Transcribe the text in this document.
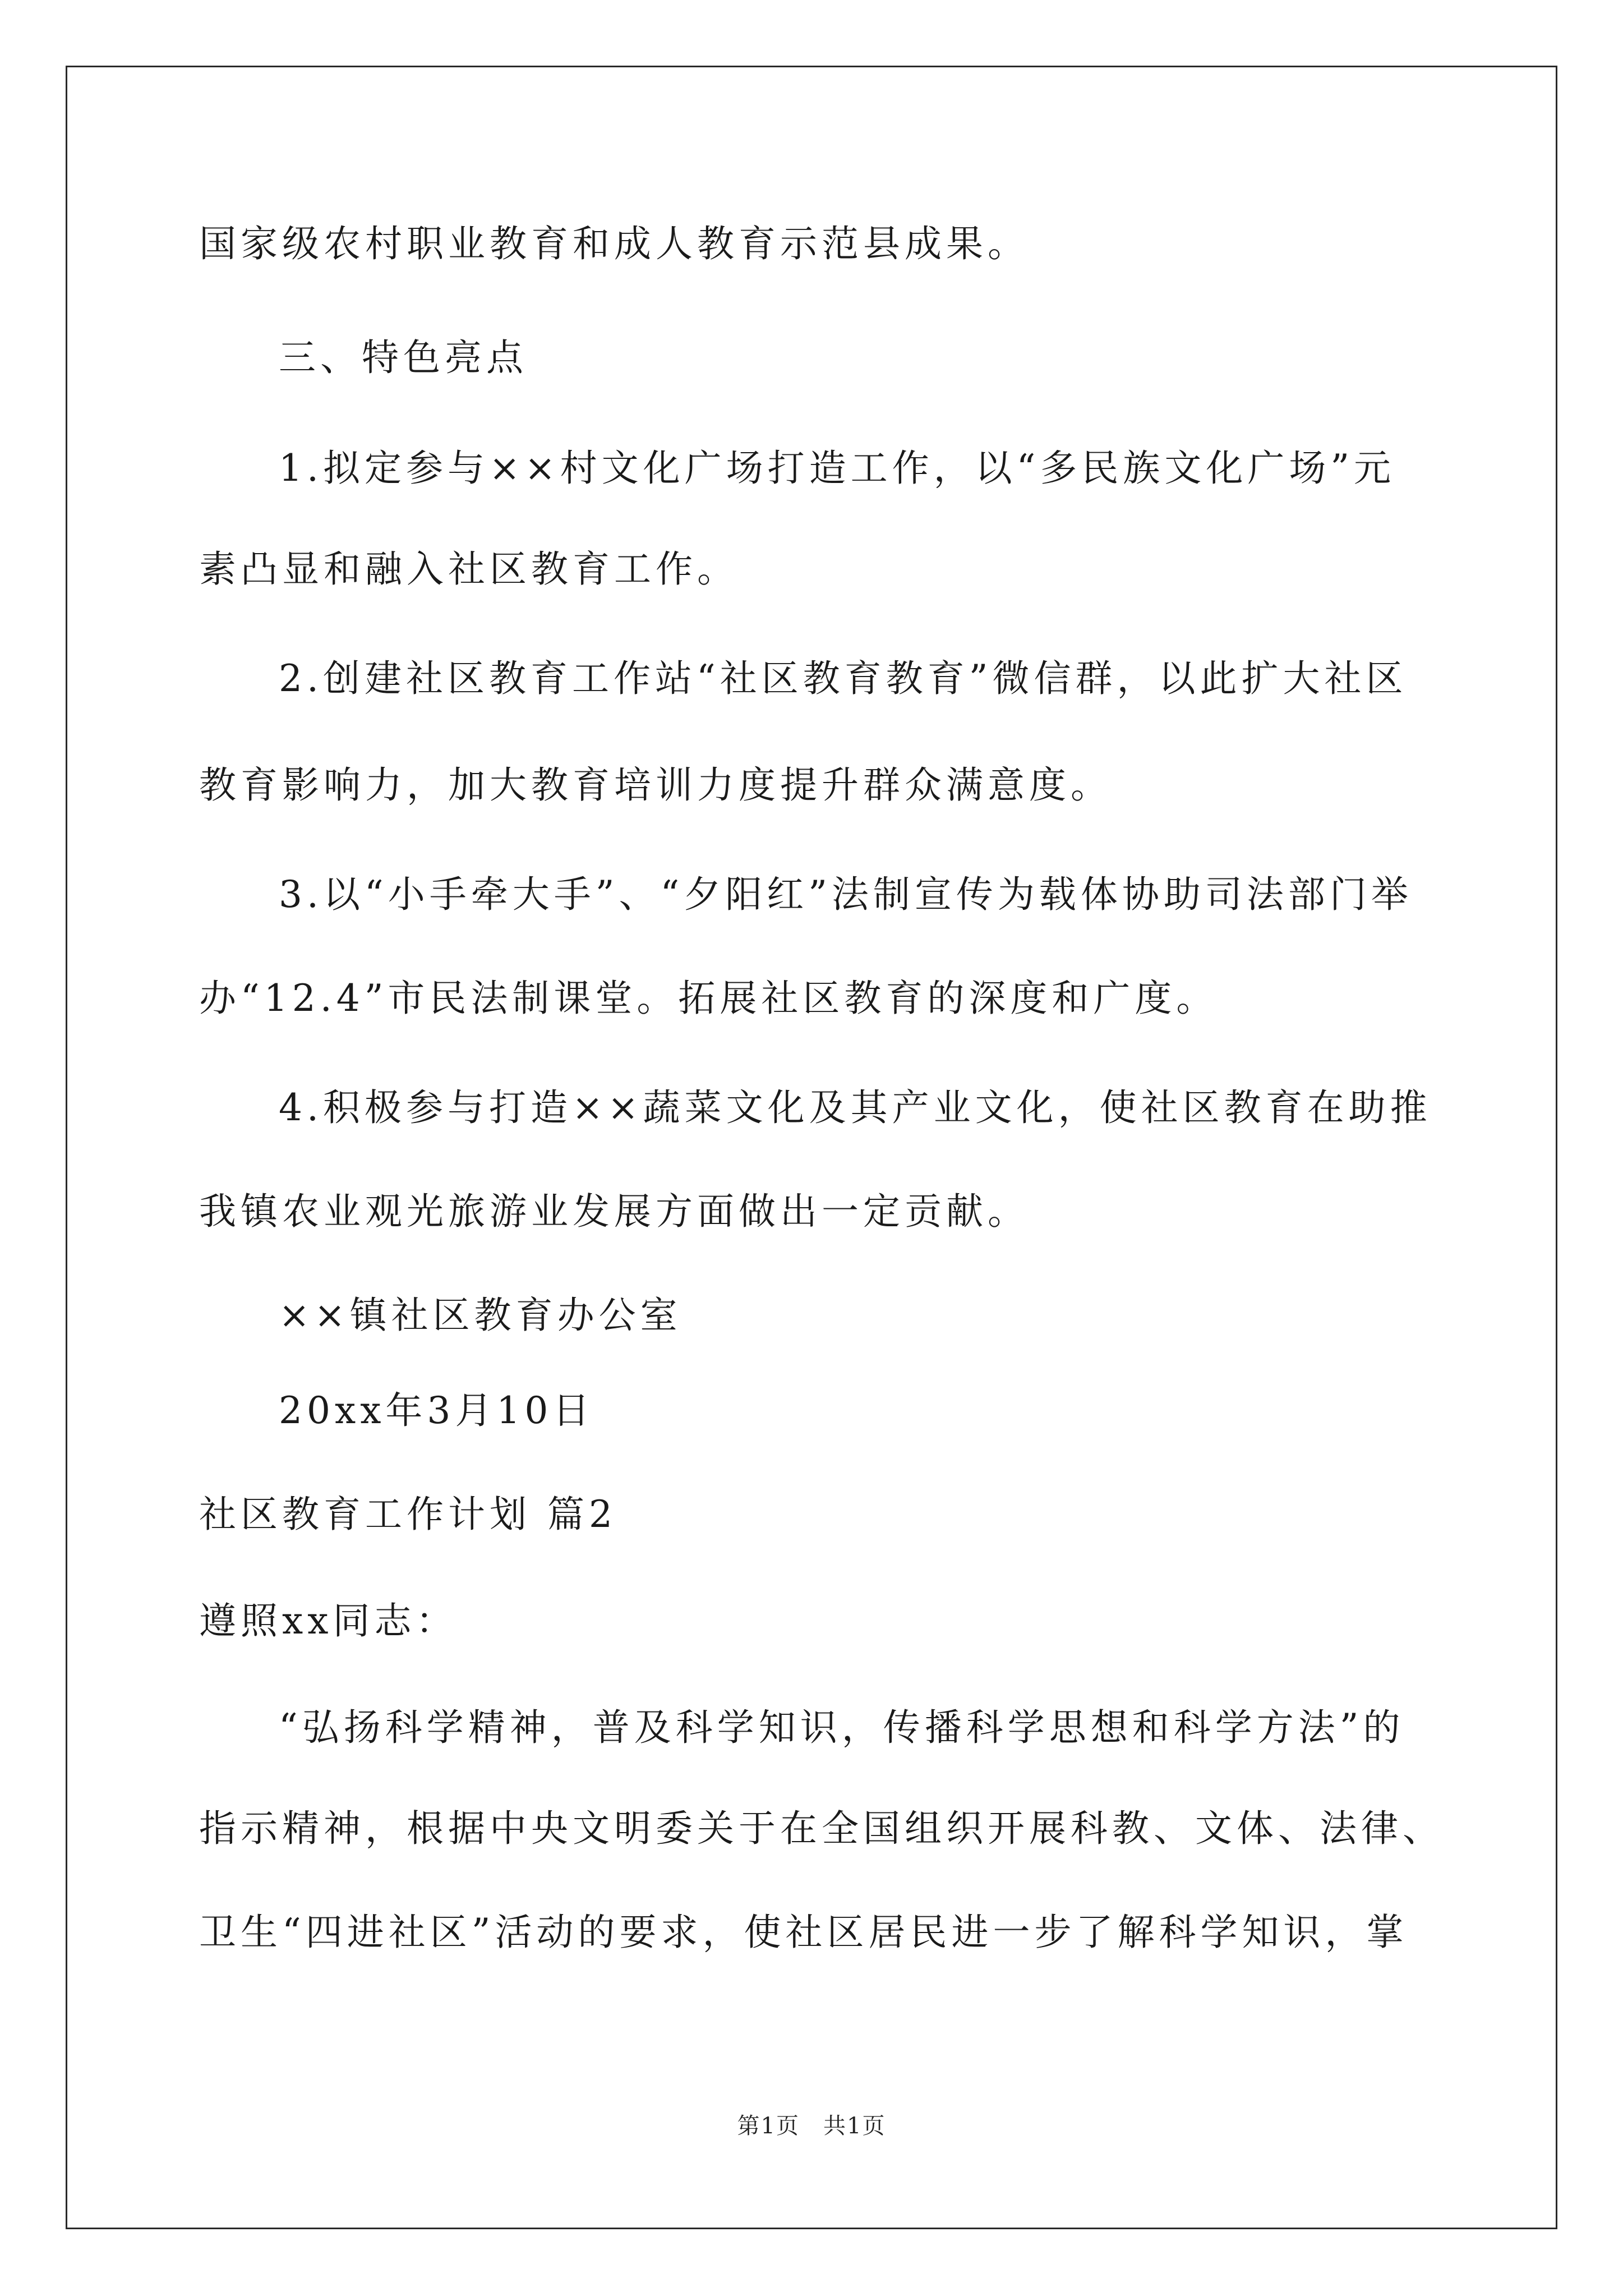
国家级农村职业教育和成人教育示范县成果。
三、特色亮点
1.拟定参与××村文化广场打造工作，以“多民族文化广场”元
素凸显和融入社区教育工作。
2.创建社区教育工作站“社区教育教育”微信群，以此扩大社区
教育影响力，加大教育培训力度提升群众满意度。
3.以“小手牵大手”、“夕阳红”法制宣传为载体协助司法部门举
办“12.4”市民法制课堂。拓展社区教育的深度和广度。
4.积极参与打造××蔬菜文化及其产业文化，使社区教育在助推
我镇农业观光旅游业发展方面做出一定贡献。
××镇社区教育办公室
20xx年3月10日
社区教育工作计划 篇2
遵照xx同志：
“弘扬科学精神，普及科学知识，传播科学思想和科学方法”的
指示精神，根据中央文明委关于在全国组织开展科教、文体、法律、
卫生“四进社区”活动的要求，使社区居民进一步了解科学知识，掌
第1页　共1页
